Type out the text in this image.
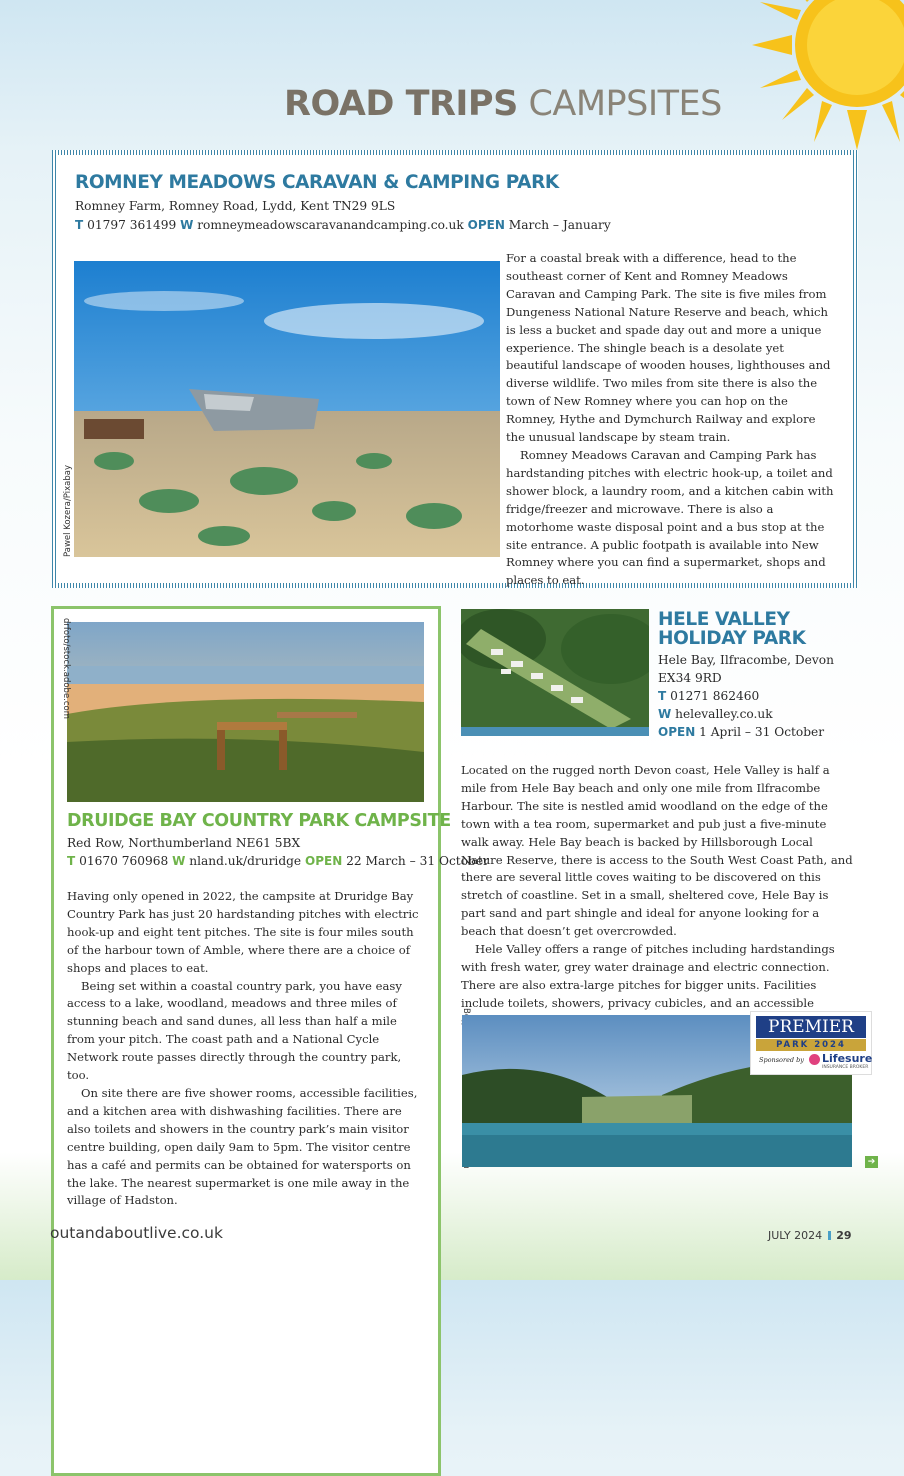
ROAD TRIPS CAMPSITES
ROMNEY MEADOWS CARAVAN & CAMPING PARK
Romney Farm, Romney Road, Lydd, Kent TN29 9LS
T 01797 361499 W romneymeadowscaravanandcamping.co.uk OPEN March – January
Pawel Kozera/Pixabay

For a coastal break with a difference, head to the southeast corner of Kent and Romney Meadows Caravan and Camping Park. The site is five miles from Dungeness National Nature Reserve and beach, which is less a bucket and spade day out and more a unique experience. The shingle beach is a desolate yet beautiful landscape of wooden houses, lighthouses and diverse wildlife. Two miles from site there is also the town of New Romney where you can hop on the Romney, Hythe and Dymchurch Railway and explore the unusual landscape by steam train.

Romney Meadows Caravan and Camping Park has hardstanding pitches with electric hook-up, a toilet and shower block, a laundry room, and a kitchen cabin with fridge/freezer and microwave. There is also a motorhome waste disposal point and a bus stop at the site entrance. A public footpath is available into New Romney where you can find a supermarket, shops and places to eat.

drfoto/stock.adobe.com
DRUIDGE BAY COUNTRY PARK CAMPSITE
Red Row, Northumberland NE61 5BX
T 01670 760968 W nland.uk/druridge OPEN 22 March – 31 October

Having only opened in 2022, the campsite at Druridge Bay Country Park has just 20 hardstanding pitches with electric hook-up and eight tent pitches. The site is four miles south of the harbour town of Amble, where there are a choice of shops and places to eat.

Being set within a coastal country park, you have easy access to a lake, woodland, meadows and three miles of stunning beach and sand dunes, all less than half a mile from your pitch. The coast path and a National Cycle Network route passes directly through the country park, too.

On site there are five shower rooms, accessible facilities, and a kitchen area with dishwashing facilities. There are also toilets and showers in the country park’s main visitor centre building, open daily 9am to 5pm. The visitor centre has a café and permits can be obtained for watersports on the lake. The nearest supermarket is one mile away in the village of Hadston.

HELE VALLEY
HOLIDAY PARK
Hele Bay, Ilfracombe, Devon
EX34 9RD
T 01271 862460
W helevalley.co.uk
OPEN 1 April – 31 October

Located on the rugged north Devon coast, Hele Valley is half a mile from Hele Bay beach and only one mile from Ilfracombe Harbour. The site is nestled amid woodland on the edge of the town with a tea room, supermarket and pub just a five-minute walk away. Hele Bay beach is backed by Hillsborough Local Nature Reserve, there is access to the South West Coast Path, and there are several little coves waiting to be discovered on this stretch of coastline. Set in a small, sheltered cove, Hele Bay is part sand and part shingle and ideal for anyone looking for a beach that doesn’t get overcrowded.

Hele Valley offers a range of pitches including hardstandings with fresh water, grey water drainage and electric connection. There are also extra-large pitches for bigger units. Facilities include toilets, showers, privacy cubicles, and an accessible

PREMIER
PARK 2024
Sponsored by Lifesure
INSURANCE BROKER
➔
outandaboutlive.co.uk	JULY 2024 29
